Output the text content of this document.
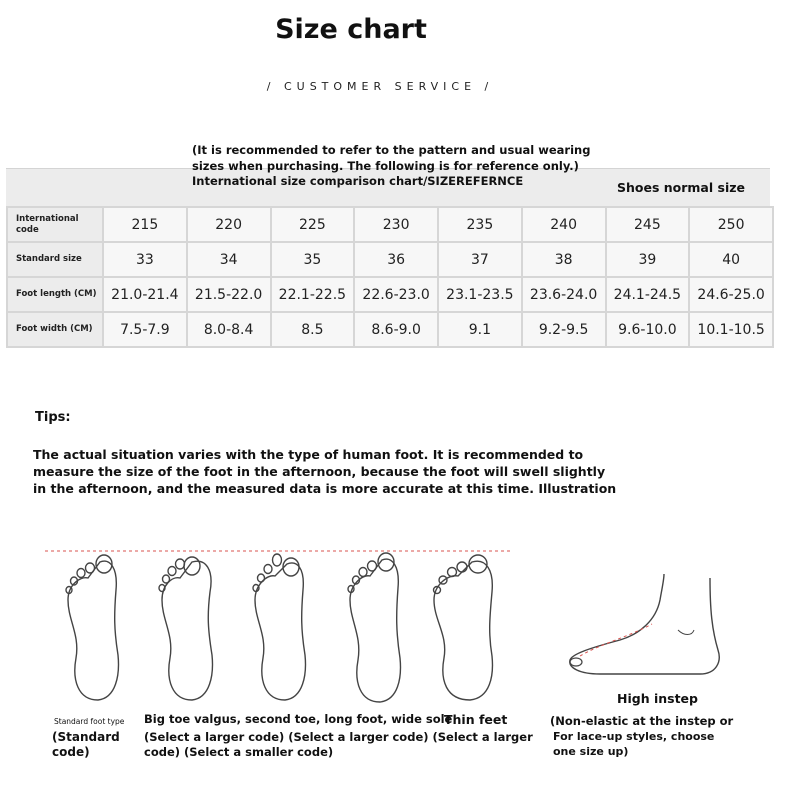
Size chart
/ CUSTOMER SERVICE /
(It is recommended to refer to the pattern and usual wearing
sizes when purchasing. The following is for reference only.)
International size comparison chart/SIZEREFERNCE	Shoes normal size
International code	215	220	225	230	235	240	245	250
Standard size	33	34	35	36	37	38	39	40
Foot length (CM)	21.0-21.4	21.5-22.0	22.1-22.5	22.6-23.0	23.1-23.5	23.6-24.0	24.1-24.5	24.6-25.0
Foot width (CM)	7.5-7.9	8.0-8.4	8.5	8.6-9.0	9.1	9.2-9.5	9.6-10.0	10.1-10.5
Tips:
The actual situation varies with the type of human foot. It is recommended to
measure the size of the foot in the afternoon, because the foot will swell slightly
in the afternoon, and the measured data is more accurate at this time. Illustration
Standard foot type Big toe valgus, second toe, long foot, wide sole
Thin feet
(Standard
code)
(Select a larger code) (Select a larger code) (Select a larger
code) (Select a smaller code)
High instep
(Non-elastic at the instep or
For lace-up styles, choose
one size up)
